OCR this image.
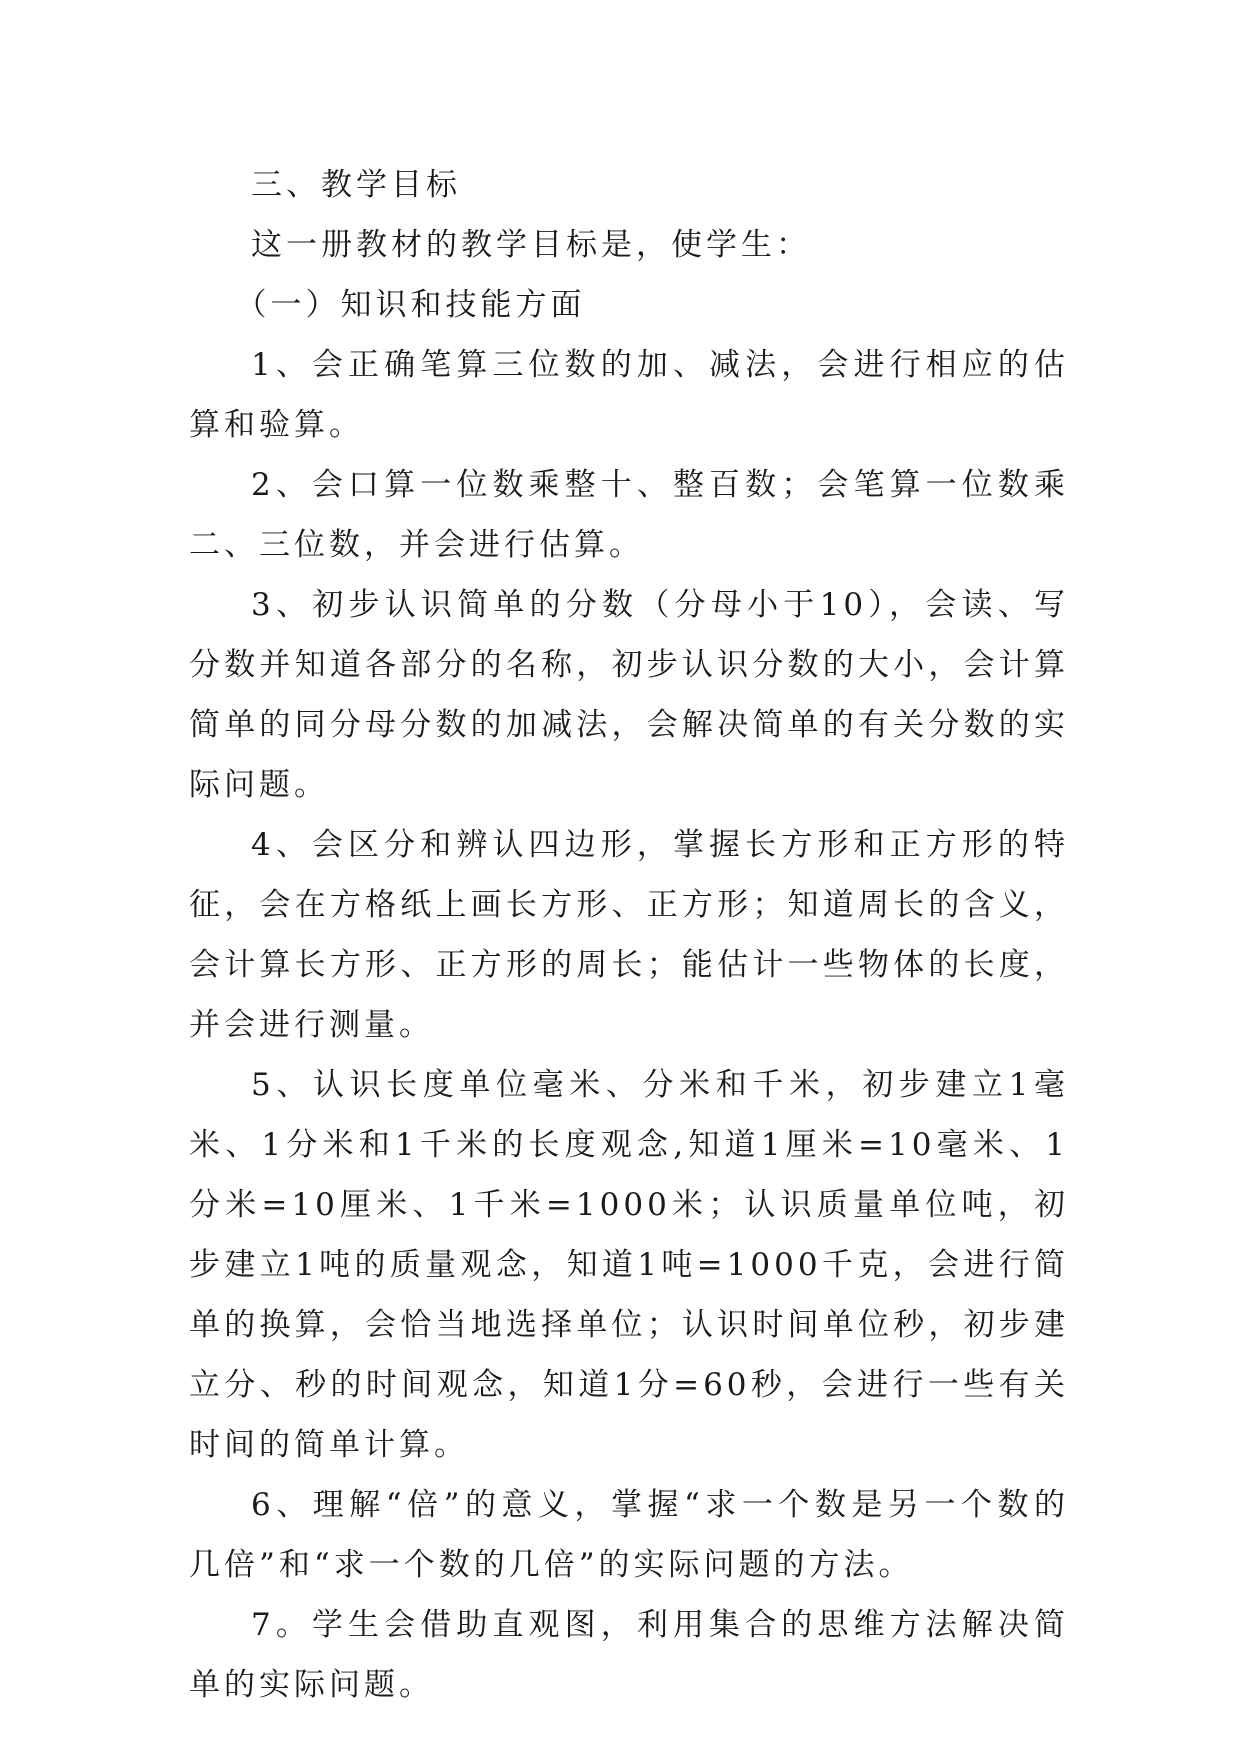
三、教学目标

这一册教材的教学目标是，使学生：

（一）知识和技能方面

1、会正确笔算三位数的加、减法，会进行相应的估算和验算。

2、会口算一位数乘整十、整百数；会笔算一位数乘二、三位数，并会进行估算。

3、初步认识简单的分数（分母小于10），会读、写分数并知道各部分的名称，初步认识分数的大小，会计算简单的同分母分数的加减法，会解决简单的有关分数的实际问题。

4、会区分和辨认四边形，掌握长方形和正方形的特征，会在方格纸上画长方形、正方形；知道周长的含义，会计算长方形、正方形的周长；能估计一些物体的长度，并会进行测量。

5、认识长度单位毫米、分米和千米，初步建立1毫米、1分米和1千米的长度观念,知道1厘米=10毫米、1分米=10厘米、1千米=1000米；认识质量单位吨，初步建立1吨的质量观念，知道1吨=1000千克，会进行简单的换算，会恰当地选择单位；认识时间单位秒，初步建立分、秒的时间观念，知道1分=60秒，会进行一些有关时间的简单计算。

6、理解“倍”的意义，掌握“求一个数是另一个数的几倍”和“求一个数的几倍”的实际问题的方法。

7。学生会借助直观图，利用集合的思维方法解决简单的实际问题。
